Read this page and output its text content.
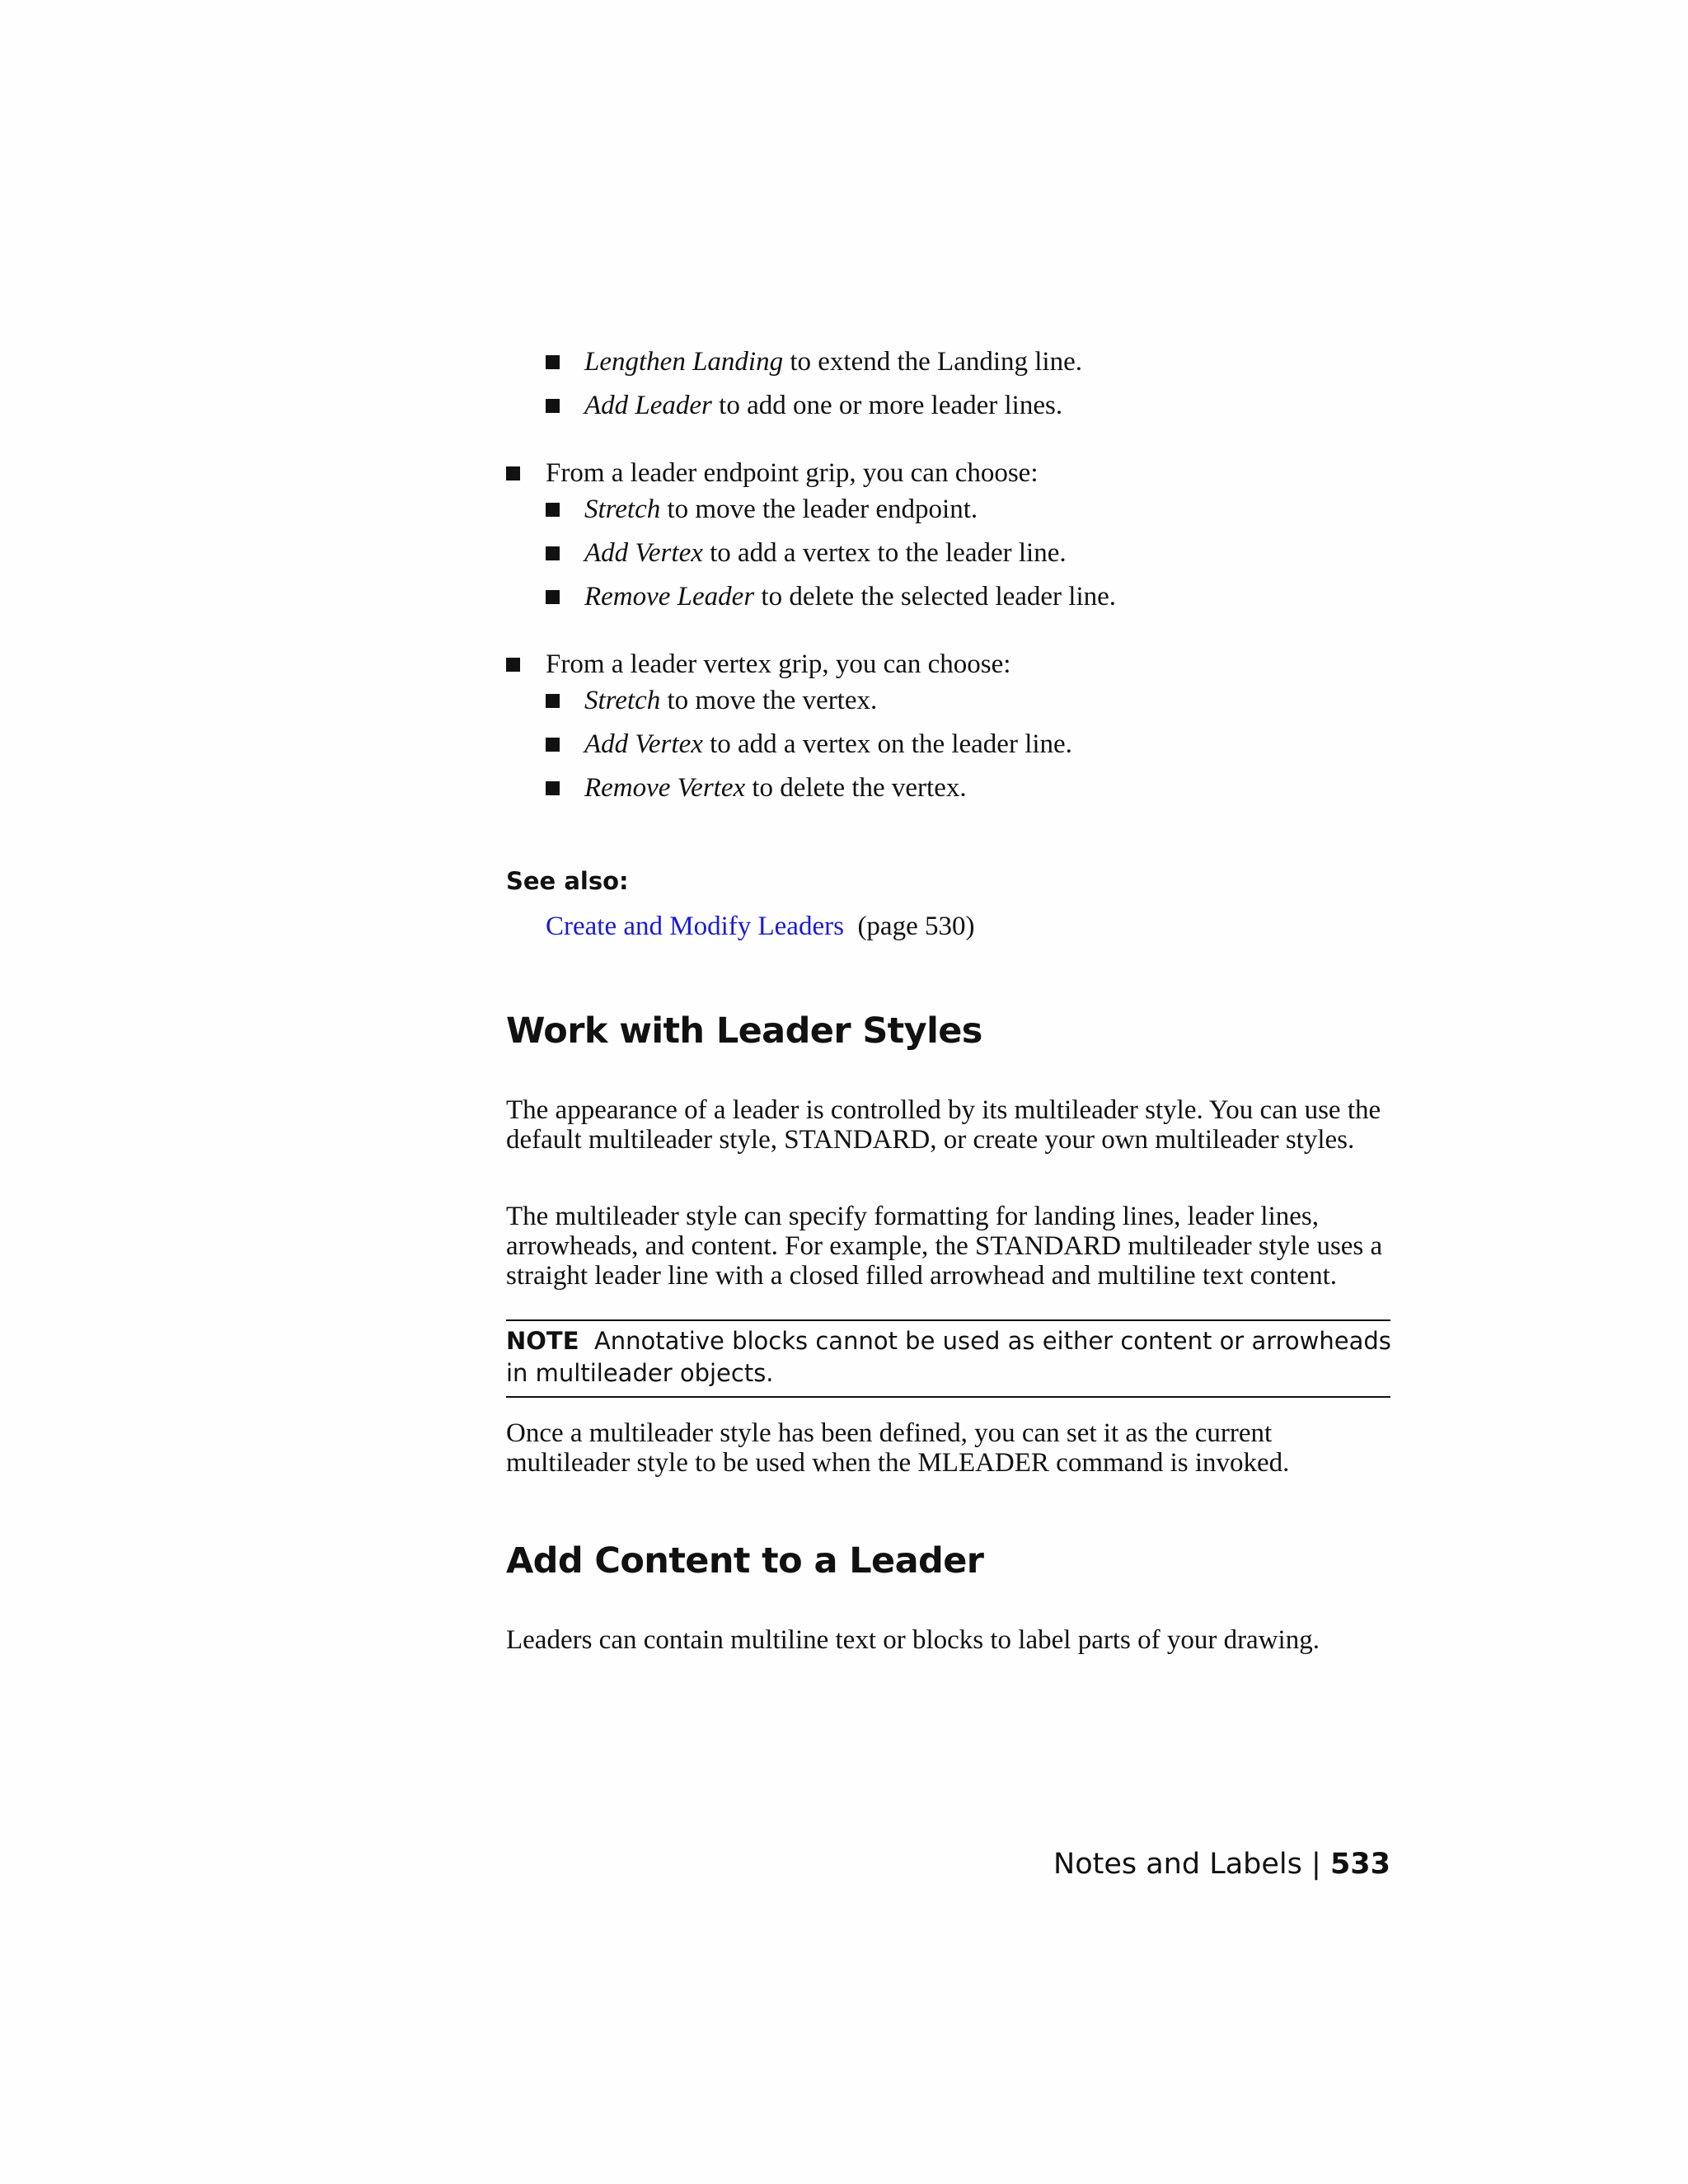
Lengthen Landing to extend the Landing line.
Add Leader to add one or more leader lines.
From a leader endpoint grip, you can choose:
Stretch to move the leader endpoint.
Add Vertex to add a vertex to the leader line.
Remove Leader to delete the selected leader line.
From a leader vertex grip, you can choose:
Stretch to move the vertex.
Add Vertex to add a vertex on the leader line.
Remove Vertex to delete the vertex.
See also:
Create and Modify Leaders (page 530)
Work with Leader Styles
The appearance of a leader is controlled by its multileader style. You can use the default multileader style, STANDARD, or create your own multileader styles.
The multileader style can specify formatting for landing lines, leader lines, arrowheads, and content. For example, the STANDARD multileader style uses a straight leader line with a closed filled arrowhead and multiline text content.
NOTE Annotative blocks cannot be used as either content or arrowheads in multileader objects.
Once a multileader style has been defined, you can set it as the current multileader style to be used when the MLEADER command is invoked.
Add Content to a Leader
Leaders can contain multiline text or blocks to label parts of your drawing.
Notes and Labels | 533
